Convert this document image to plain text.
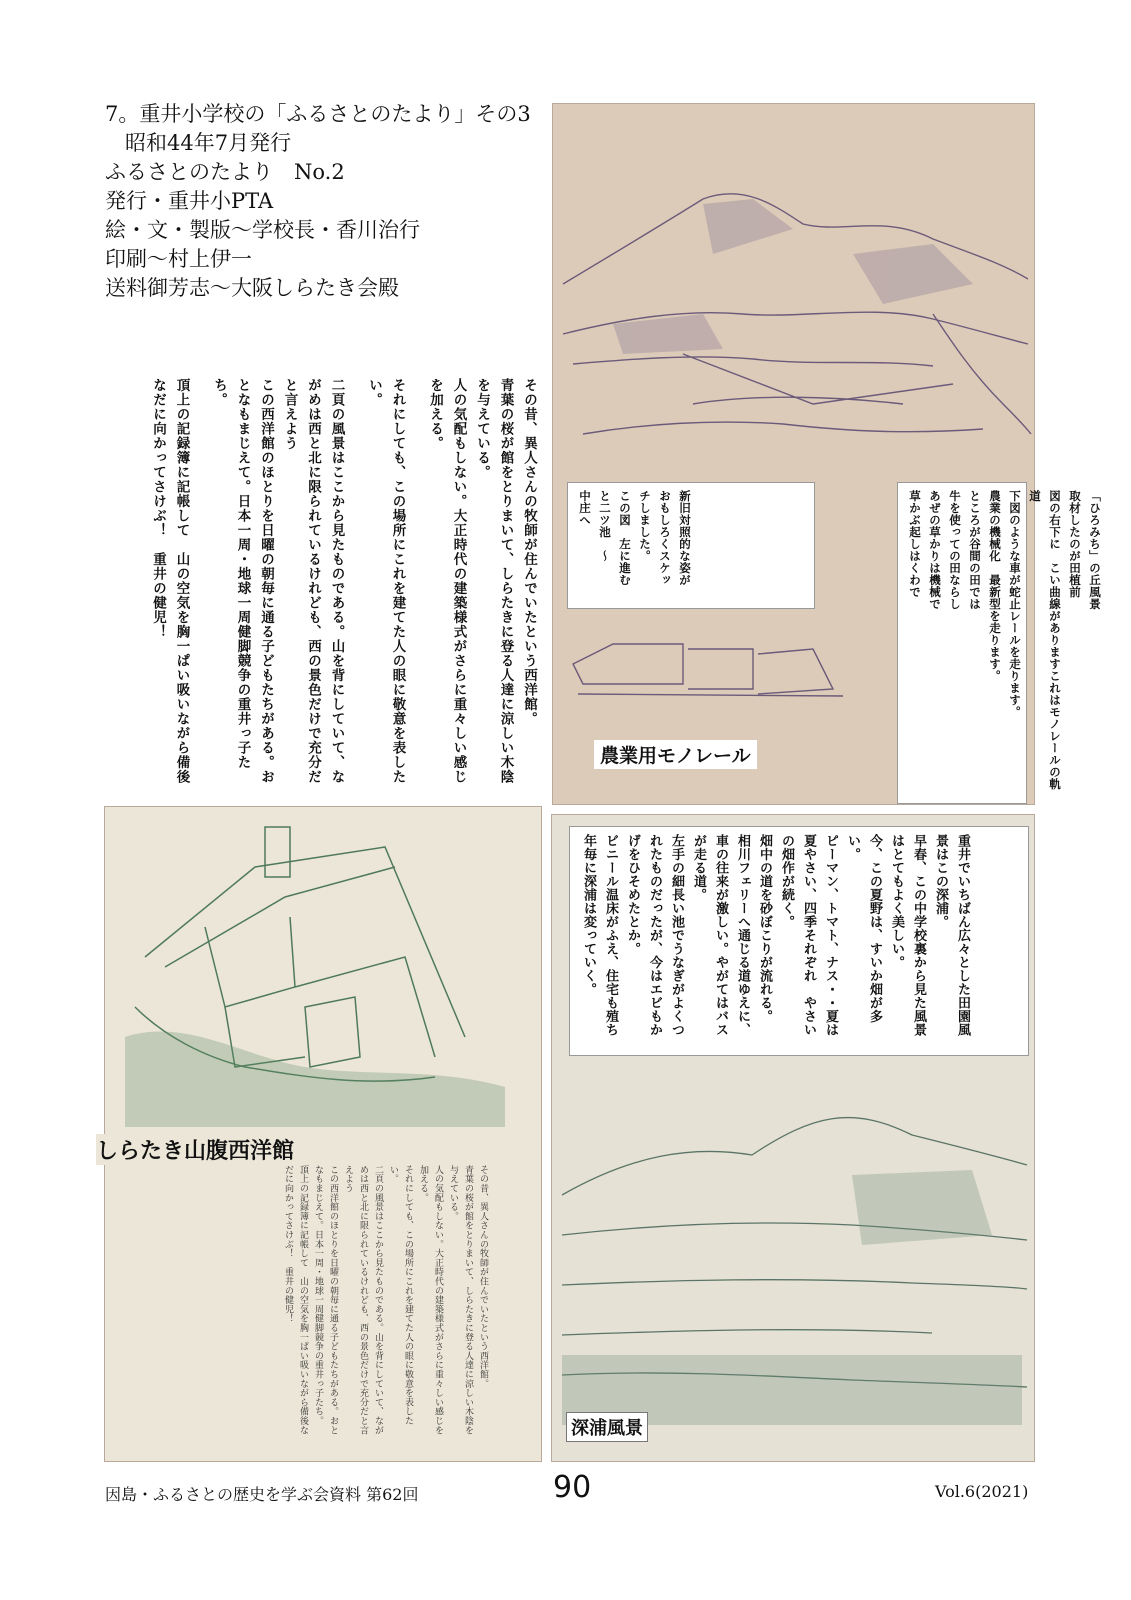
7。重井小学校の「ふるさとのたより」その3
昭和44年7月発行
ふるさとのたより　No.2
発行・重井小PTA
絵・文・製版〜学校長・香川治行
印刷〜村上伊一
送料御芳志〜大阪しらたき会殿

その昔、異人さんの牧師が住んでいたという西洋館。

青葉の桜が館をとりまいて、しらたきに登る人達に涼しい木陰を与えている。

人の気配もしない。大正時代の建築様式がさらに重々しい感じを加える。

それにしても、この場所にこれを建てた人の眼に敬意を表したい。

二頁の風景はここから見たものである。山を背にしていて、ながめは西と北に限られているけれども、西の景色だけで充分だと言えよう

この西洋館のほとりを日曜の朝毎に通る子どもたちがある。おとなもまじえて。日本一周・地球一周健脚競争の重井っ子たち。

頂上の記録簿に記帳して　山の空気を胸一ぱい吸いながら備後なだに向かってさけぶ！　重井の健児！	「ひろみち」の丘風景
取材したのが田植前
図の右下に　こい曲線がありますこれはモノレールの軌道
下図のような車が蛇止レールを走ります。
農業の機械化　最新型を走ります。
ところが谷間の田では
牛を使っての田ならし
あぜの草かりは機械で
草かぶ起しはくわで
新旧対照的な姿が
おもしろくスケッ
チしました。
この図　左に進む
と二ツ池　〜
中庄へ
農業用モノレール
しらたき山腹西洋館
その昔、異人さんの牧師が住んでいたという西洋館。
青葉の桜が館をとりまいて、しらたきに登る人達に涼しい木陰を与えている。
人の気配もしない。大正時代の建築様式がさらに重々しい感じを加える。
それにしても、この場所にこれを建てた人の眼に敬意を表したい。
二頁の風景はここから見たものである。山を背にしていて、ながめは西と北に限られているけれども、西の景色だけで充分だと言えよう
この西洋館のほとりを日曜の朝毎に通る子どもたちがある。おとなもまじえて。日本一周・地球一周健脚競争の重井っ子たち。
頂上の記録簿に記帳して　山の空気を胸一ぱい吸いながら備後なだに向かってさけぶ！　重井の健児！
重井でいちばん広々とした田園風景はこの深浦。
早春、この中学校裏から見た風景はとてもよく美しい。
今、この夏野は、すいか畑が多い。
ピーマン、トマト、ナス・・夏は夏やさい、四季それぞれ　やさいの畑作が続く。
畑中の道を砂ぼこりが流れる。
相川フェリーへ通じる道ゆえに、車の往来が激しい。やがてはバスが走る道。
左手の細長い池でうなぎがよくつれたものだったが、今はエビもかげをひそめたとか。
ビニール温床がふえ、住宅も殖ち年毎に深浦は変っていく。
深浦風景
因島・ふるさとの歴史を学ぶ会資料 第62回	90	Vol.6(2021)
